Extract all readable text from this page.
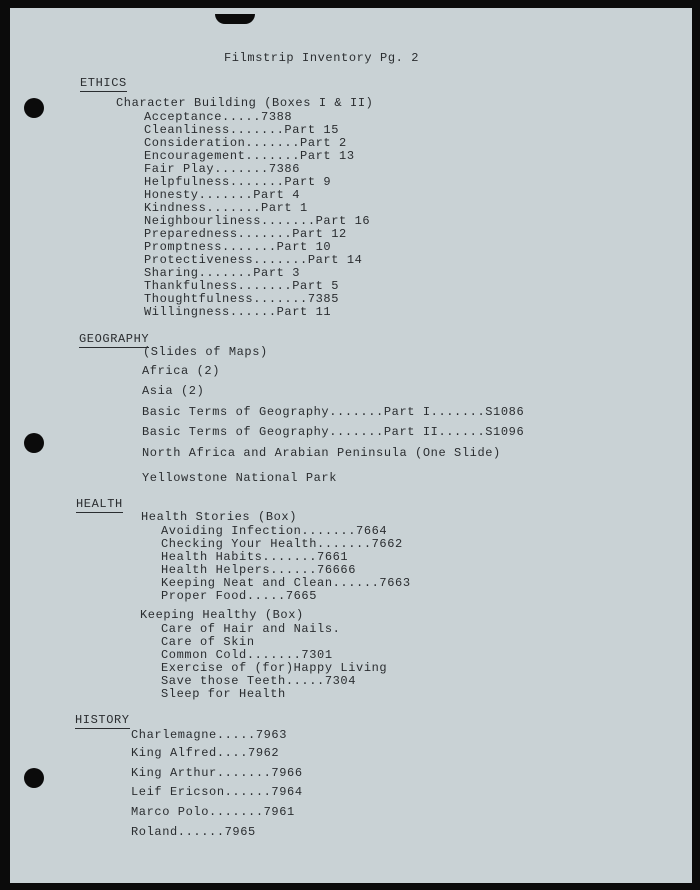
Filmstrip Inventory Pg. 2
ETHICS
Character Building (Boxes I & II)
Acceptance.....7388
Cleanliness.......Part 15
Consideration.......Part 2
Encouragement.......Part 13
Fair Play.......7386
Helpfulness.......Part 9
Honesty.......Part 4
Kindness.......Part 1
Neighbourliness.......Part 16
Preparedness.......Part 12
Promptness.......Part 10
Protectiveness.......Part 14
Sharing.......Part 3
Thankfulness.......Part 5
Thoughtfulness.......7385
Willingness......Part 11
GEOGRAPHY
(Slides of Maps)
Africa (2)
Asia (2)
Basic Terms of Geography.......Part I.......S1086
Basic Terms of Geography.......Part II......S1096
North Africa and Arabian Peninsula (One Slide)
Yellowstone National Park
HEALTH
Health Stories (Box)
Avoiding Infection.......7664
Checking Your Health.......7662
Health Habits.......7661
Health Helpers......76666
Keeping Neat and Clean......7663
Proper Food.....7665
Keeping Healthy (Box)
Care of Hair and Nails.
Care of Skin
Common Cold.......7301
Exercise of (for)Happy Living
Save those Teeth.....7304
Sleep for Health
HISTORY
Charlemagne.....7963
King Alfred....7962
King Arthur.......7966
Leif Ericson......7964
Marco Polo.......7961
Roland......7965
